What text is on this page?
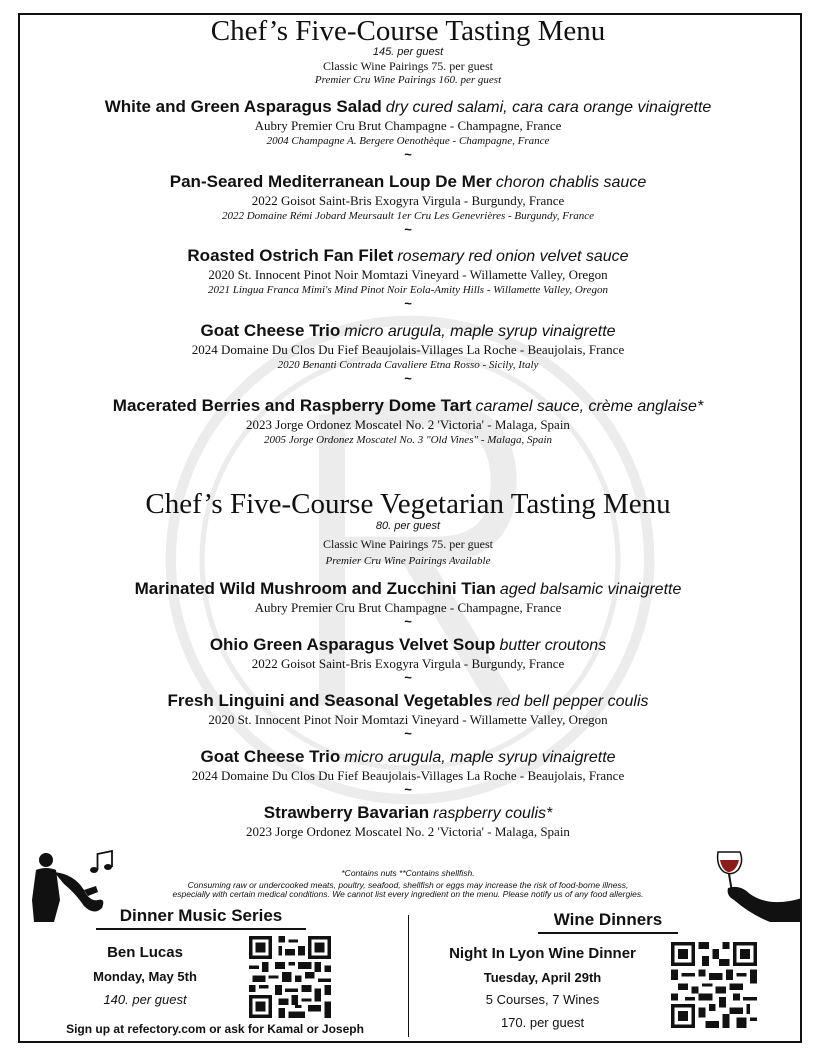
Chef’s Five-Course Tasting Menu
145. per guest
Classic Wine Pairings 75. per guest
Premier Cru Wine Pairings 160. per guest
White and Green Asparagus Salad dry cured salami, cara cara orange vinaigrette
Aubry Premier Cru Brut Champagne - Champagne, France
2004 Champagne A. Bergere Oenothèque - Champagne, France
~
Pan-Seared Mediterranean Loup De Mer choron chablis sauce
2022 Goisot Saint-Bris Exogyra Virgula - Burgundy, France
2022 Domaine Rémi Jobard Meursault 1er Cru Les Genevrières - Burgundy, France
~
Roasted Ostrich Fan Filet rosemary red onion velvet sauce
2020 St. Innocent Pinot Noir Momtazi Vineyard - Willamette Valley, Oregon
2021 Lingua Franca Mimi's Mind Pinot Noir Eola-Amity Hills - Willamette Valley, Oregon
~
Goat Cheese Trio micro arugula, maple syrup vinaigrette
2024 Domaine Du Clos Du Fief Beaujolais-Villages La Roche - Beaujolais, France
2020 Benanti Contrada Cavaliere Etna Rosso - Sicily, Italy
~
Macerated Berries and Raspberry Dome Tart caramel sauce, crème anglaise*
2023 Jorge Ordonez Moscatel No. 2 'Victoria' - Malaga, Spain
2005 Jorge Ordonez Moscatel No. 3 "Old Vines" - Malaga, Spain
Chef’s Five-Course Vegetarian Tasting Menu
80. per guest
Classic Wine Pairings 75. per guest
Premier Cru Wine Pairings Available
Marinated Wild Mushroom and Zucchini Tian aged balsamic vinaigrette
Aubry Premier Cru Brut Champagne - Champagne, France
~
Ohio Green Asparagus Velvet Soup butter croutons
2022 Goisot Saint-Bris Exogyra Virgula - Burgundy, France
~
Fresh Linguini and Seasonal Vegetables red bell pepper coulis
2020 St. Innocent Pinot Noir Momtazi Vineyard - Willamette Valley, Oregon
~
Goat Cheese Trio micro arugula, maple syrup vinaigrette
2024 Domaine Du Clos Du Fief Beaujolais-Villages La Roche - Beaujolais, France
~
Strawberry Bavarian raspberry coulis*
2023 Jorge Ordonez Moscatel No. 2 'Victoria' - Malaga, Spain
*Contains nuts **Contains shellfish.
Consuming raw or undercooked meats, poultry, seafood, shellfish or eggs may increase the risk of food-borne illness,
especially with certain medical conditions. We cannot list every ingredient on the menu. Please notify us of any food allergies.
Dinner Music Series
Ben Lucas
Monday, May 5th
140. per guest
Sign up at refectory.com or ask for Kamal or Joseph
Wine Dinners
Night In Lyon Wine Dinner
Tuesday, April 29th
5 Courses, 7 Wines
170. per guest
